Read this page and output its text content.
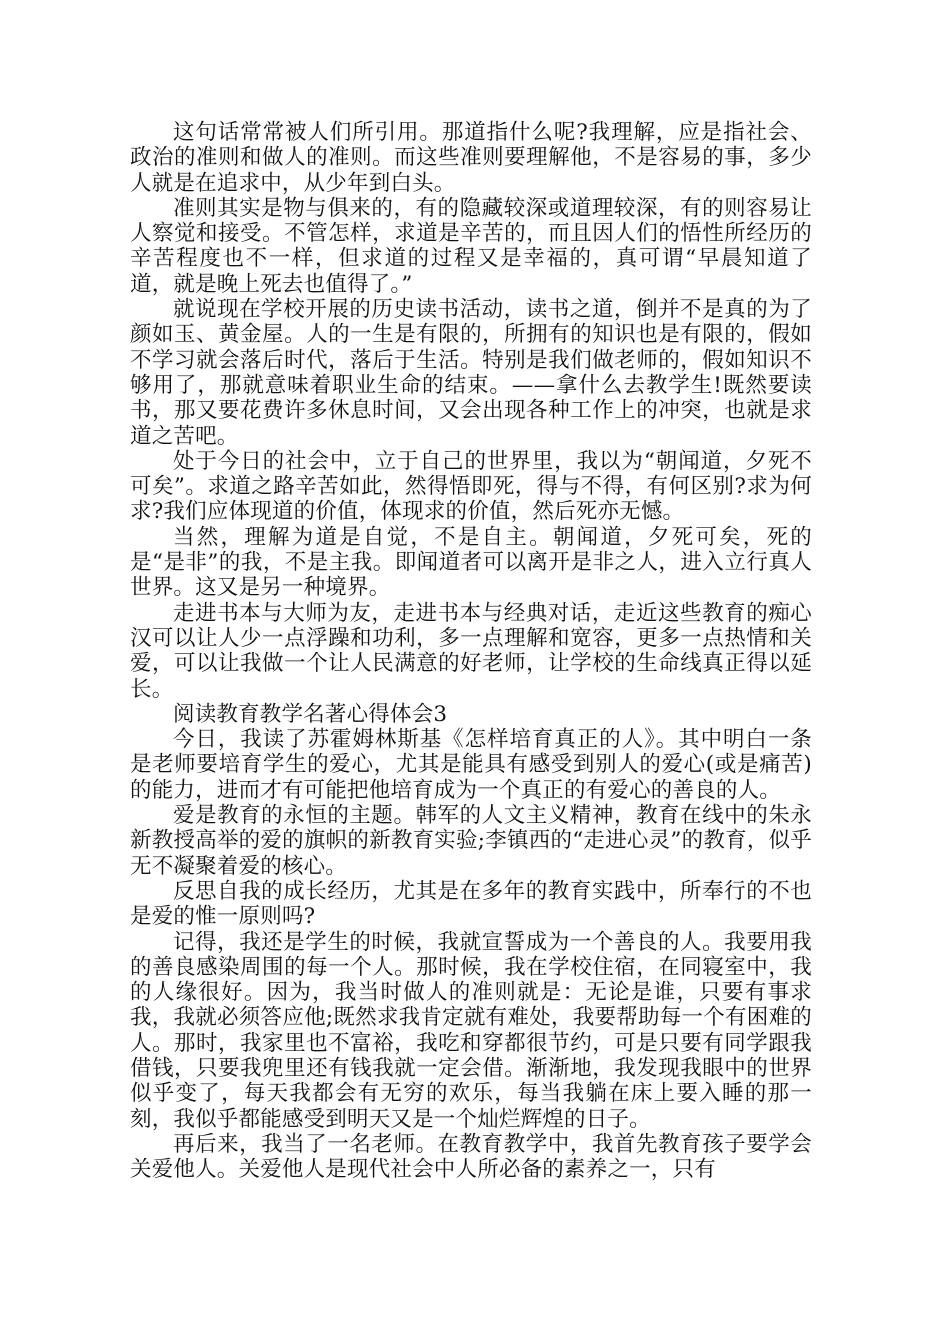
这句话常常被人们所引用。那道指什么呢?我理解，应是指社会、政治的准则和做人的准则。而这些准则要理解他，不是容易的事，多少人就是在追求中，从少年到白头。

准则其实是物与俱来的，有的隐藏较深或道理较深，有的则容易让人察觉和接受。不管怎样，求道是辛苦的，而且因人们的悟性所经历的辛苦程度也不一样，但求道的过程又是幸福的，真可谓“早晨知道了道，就是晚上死去也值得了。”

就说现在学校开展的历史读书活动，读书之道，倒并不是真的为了颜如玉、黄金屋。人的一生是有限的，所拥有的知识也是有限的，假如不学习就会落后时代，落后于生活。特别是我们做老师的，假如知识不够用了，那就意味着职业生命的结束。——拿什么去教学生!既然要读书，那又要花费许多休息时间，又会出现各种工作上的冲突，也就是求道之苦吧。

处于今日的社会中，立于自己的世界里，我以为“朝闻道，夕死不可矣”。求道之路辛苦如此，然得悟即死，得与不得，有何区别?求为何求?我们应体现道的价值，体现求的价值，然后死亦无憾。

当然，理解为道是自觉，不是自主。朝闻道，夕死可矣，死的是“是非”的我，不是主我。即闻道者可以离开是非之人，进入立行真人世界。这又是另一种境界。

走进书本与大师为友，走进书本与经典对话，走近这些教育的痴心汉可以让人少一点浮躁和功利，多一点理解和宽容，更多一点热情和关爱，可以让我做一个让人民满意的好老师，让学校的生命线真正得以延长。

阅读教育教学名著心得体会3

今日，我读了苏霍姆林斯基《怎样培育真正的人》。其中明白一条是老师要培育学生的爱心，尤其是能具有感受到别人的爱心(或是痛苦)的能力，进而才有可能把他培育成为一个真正的有爱心的善良的人。

爱是教育的永恒的主题。韩军的人文主义精神，教育在线中的朱永新教授高举的爱的旗帜的新教育实验;李镇西的“走进心灵”的教育，似乎无不凝聚着爱的核心。

反思自我的成长经历，尤其是在多年的教育实践中，所奉行的不也是爱的惟一原则吗?

记得，我还是学生的时候，我就宣誓成为一个善良的人。我要用我的善良感染周围的每一个人。那时候，我在学校住宿，在同寝室中，我的人缘很好。因为，我当时做人的准则就是：无论是谁，只要有事求我，我就必须答应他;既然求我肯定就有难处，我要帮助每一个有困难的人。那时，我家里也不富裕，我吃和穿都很节约，可是只要有同学跟我借钱，只要我兜里还有钱我就一定会借。渐渐地，我发现我眼中的世界似乎变了，每天我都会有无穷的欢乐，每当我躺在床上要入睡的那一刻，我似乎都能感受到明天又是一个灿烂辉煌的日子。

再后来，我当了一名老师。在教育教学中，我首先教育孩子要学会关爱他人。关爱他人是现代社会中人所必备的素养之一，只有
